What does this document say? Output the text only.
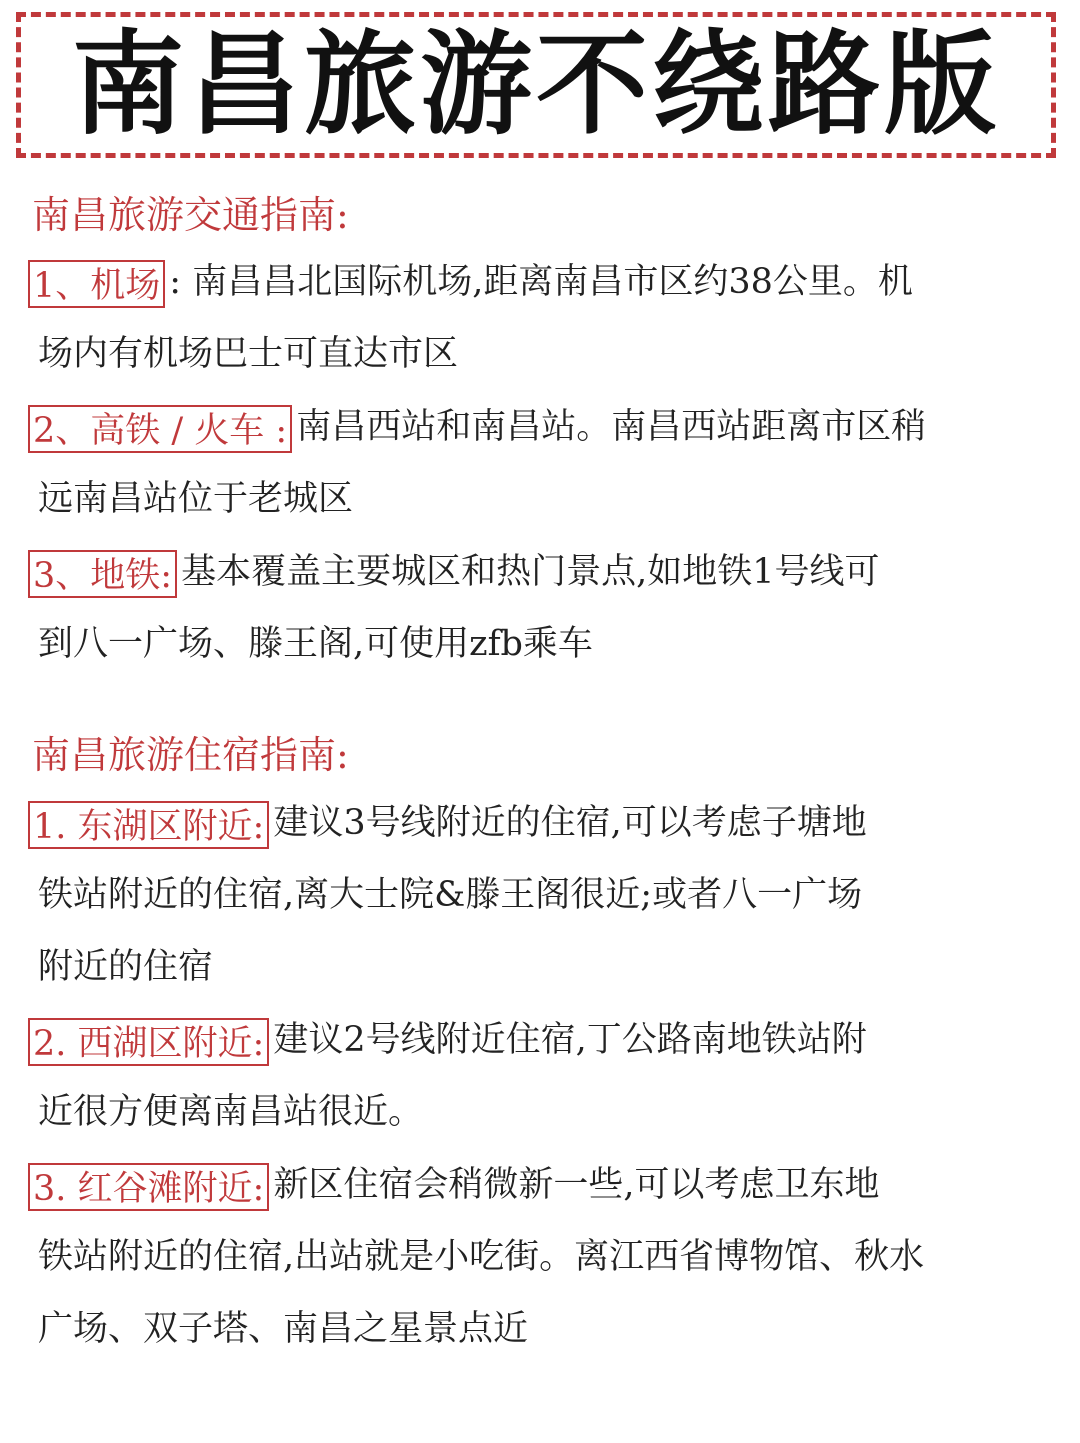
南昌旅游不绕路版
南昌旅游交通指南:
1、机场 : 南昌昌北国际机场,距离南昌市区约38公里。机
场内有机场巴士可直达市区
2、高铁 / 火车 : 南昌西站和南昌站。南昌西站距离市区稍
远南昌站位于老城区
3、地铁: 基本覆盖主要城区和热门景点,如地铁1号线可
到八一广场、滕王阁,可使用zfb乘车
南昌旅游住宿指南:
1. 东湖区附近: 建议3号线附近的住宿,可以考虑子塘地
铁站附近的住宿,离大士院&滕王阁很近;或者八一广场
附近的住宿
2. 西湖区附近: 建议2号线附近住宿,丁公路南地铁站附
近很方便离南昌站很近。
3. 红谷滩附近: 新区住宿会稍微新一些,可以考虑卫东地
铁站附近的住宿,出站就是小吃街。离江西省博物馆、秋水
广场、双子塔、南昌之星景点近
